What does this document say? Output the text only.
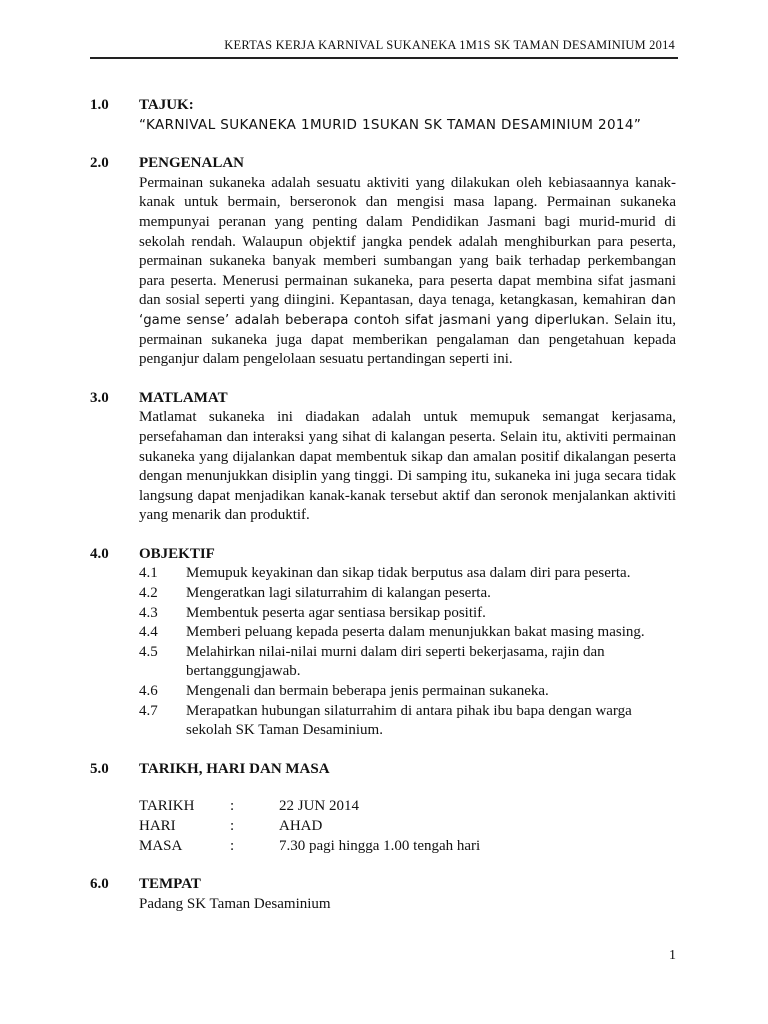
KERTAS KERJA KARNIVAL SUKANEKA 1M1S SK TAMAN DESAMINIUM 2014
1.0	TAJUK:
“KARNIVAL SUKANEKA 1MURID 1SUKAN SK TAMAN DESAMINIUM 2014”
2.0	PENGENALAN
Permainan sukaneka adalah sesuatu aktiviti yang dilakukan oleh kebiasaannya kanak-kanak untuk bermain, berseronok dan mengisi masa lapang. Permainan sukaneka mempunyai peranan yang penting dalam Pendidikan Jasmani bagi murid-murid di sekolah rendah. Walaupun objektif jangka pendek adalah menghiburkan para peserta, permainan sukaneka banyak memberi sumbangan yang baik terhadap perkembangan para peserta. Menerusi permainan sukaneka, para peserta dapat membina sifat jasmani dan sosial seperti yang diingini. Kepantasan, daya tenaga, ketangkasan, kemahiran dan ‘game sense’ adalah beberapa contoh sifat jasmani yang diperlukan. Selain itu, permainan sukaneka juga dapat memberikan pengalaman dan pengetahuan kepada penganjur dalam pengelolaan sesuatu pertandingan seperti ini.
3.0	MATLAMAT
Matlamat sukaneka ini diadakan adalah untuk memupuk semangat kerjasama, persefahaman dan interaksi yang sihat di kalangan peserta. Selain itu, aktiviti permainan sukaneka yang dijalankan dapat membentuk sikap dan amalan positif dikalangan peserta dengan menunjukkan disiplin yang tinggi. Di samping itu, sukaneka ini juga secara tidak langsung dapat menjadikan kanak-kanak tersebut aktif dan seronok menjalankan aktiviti yang menarik dan produktif.
4.0	OBJEKTIF
4.1	Memupuk keyakinan dan sikap tidak berputus asa dalam diri para peserta.
4.2	Mengeratkan lagi silaturrahim di kalangan peserta.
4.3	Membentuk peserta agar sentiasa bersikap positif.
4.4	Memberi peluang kepada peserta dalam menunjukkan bakat masing masing.
4.5	Melahirkan nilai-nilai murni dalam diri seperti bekerjasama, rajin dan bertanggungjawab.
4.6	Mengenali dan bermain beberapa jenis permainan sukaneka.
4.7	Merapatkan hubungan silaturrahim di antara pihak ibu bapa dengan warga sekolah SK Taman Desaminium.
5.0	TARIKH, HARI DAN MASA
TARIKH	:	22 JUN 2014
HARI	:	AHAD
MASA	:	7.30 pagi hingga 1.00 tengah hari
6.0	TEMPAT
Padang SK Taman Desaminium
1
